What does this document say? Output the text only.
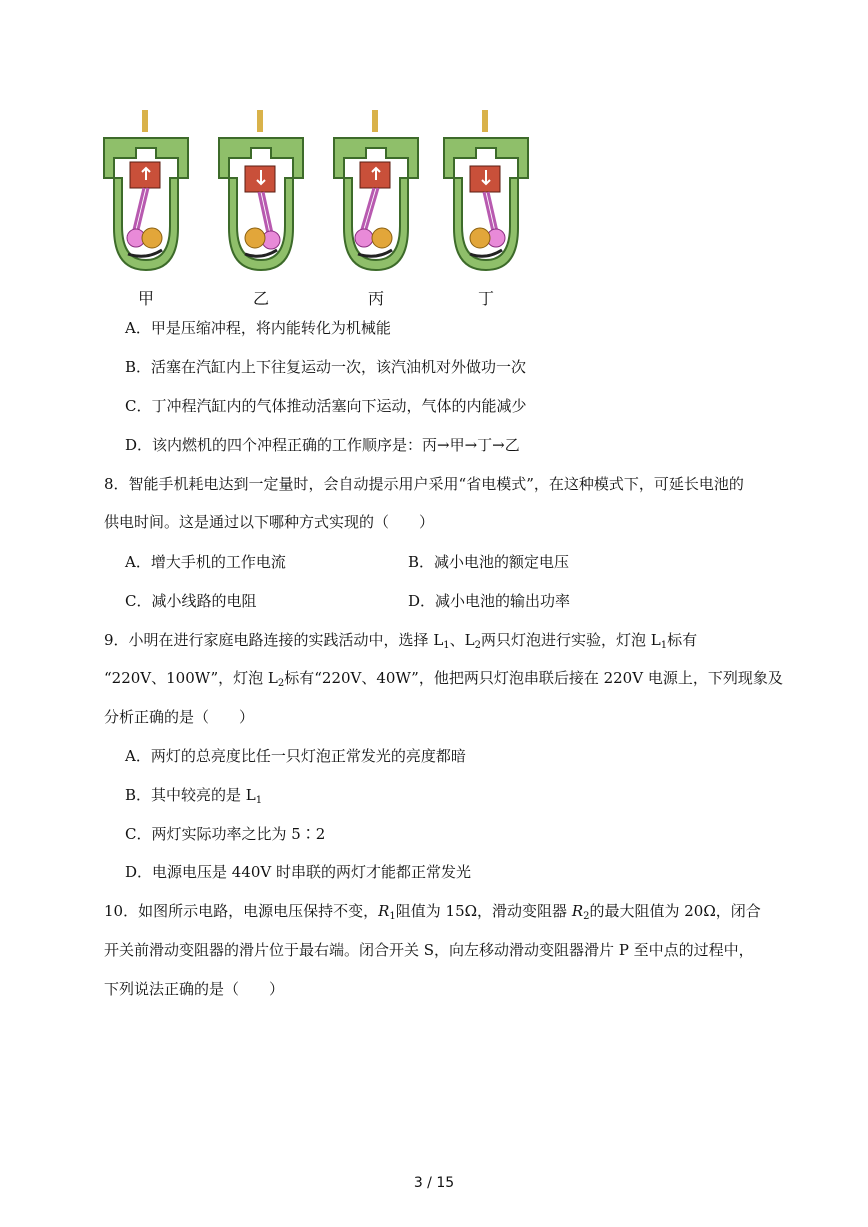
甲	乙	丙	丁
A．甲是压缩冲程，将内能转化为机械能
B．活塞在汽缸内上下往复运动一次，该汽油机对外做功一次
C．丁冲程汽缸内的气体推动活塞向下运动，气体的内能减少
D．该内燃机的四个冲程正确的工作顺序是：丙→甲→丁→乙
8．智能手机耗电达到一定量时，会自动提示用户采用“省电模式”，在这种模式下，可延长电池的
供电时间。这是通过以下哪种方式实现的（　　）
A．增大手机的工作电流	B．减小电池的额定电压
C．减小线路的电阻	D．减小电池的输出功率
9．小明在进行家庭电路连接的实践活动中，选择 $L_1$、$L_2$两只灯泡进行实验，灯泡 $L_1$标有
“220V、100W”，灯泡 $L_2$标有“220V、40W”，他把两只灯泡串联后接在 220V 电源上，下列现象及
分析正确的是（　　）
A．两灯的总亮度比任一只灯泡正常发光的亮度都暗
B．其中较亮的是 $L_1$
C．两灯实际功率之比为 5∶2
D．电源电压是 440V 时串联的两灯才能都正常发光
10．如图所示电路，电源电压保持不变，$R_1$阻值为 15Ω，滑动变阻器 $R_2$的最大阻值为 20Ω，闭合
开关前滑动变阻器的滑片位于最右端。闭合开关 S，向左移动滑动变阻器滑片 P 至中点的过程中，
下列说法正确的是（　　）
3 / 15
